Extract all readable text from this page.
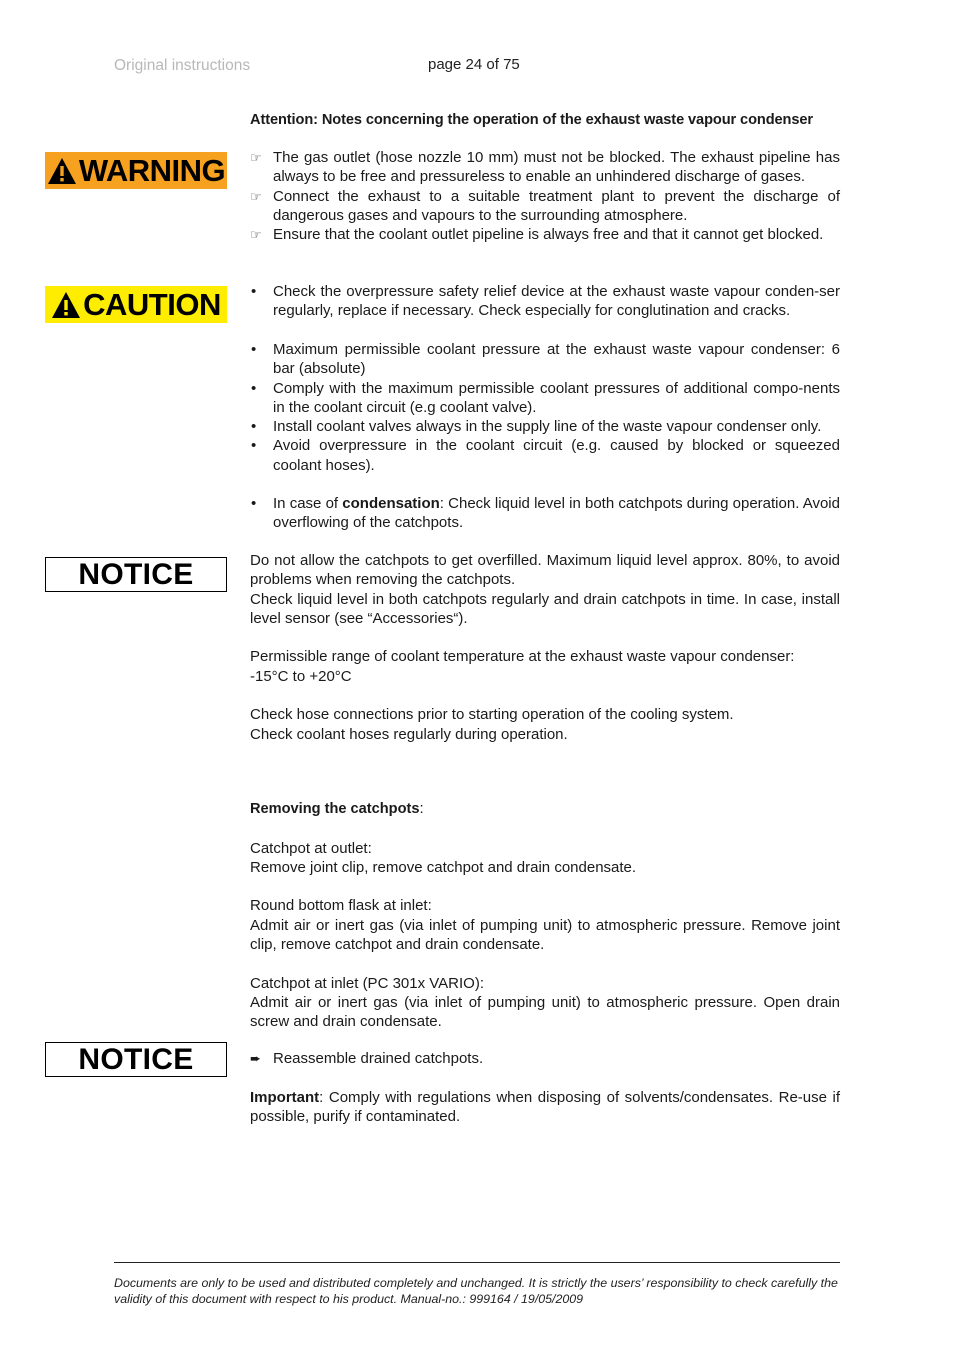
Original instructions	page 24 of 75
Attention: Notes concerning the operation of the exhaust waste vapour condenser
WARNING ☞ The gas outlet (hose nozzle 10 mm) must not be blocked. The exhaust pipeline has always to be free and pressureless to enable an unhindered discharge of gases.
☞ Connect the exhaust to a suitable treatment plant to prevent the discharge of dangerous gases and vapours to the surrounding atmosphere.
☞ Ensure that the coolant outlet pipeline is always free and that it cannot get blocked.
CAUTION • Check the overpressure safety relief device at the exhaust waste vapour conden-ser regularly, replace if necessary. Check especially for conglutination and cracks.
• Maximum permissible coolant pressure at the exhaust waste vapour condenser: 6 bar (absolute)
• Comply with the maximum permissible coolant pressures of additional compo-nents in the coolant circuit (e.g coolant valve).
• Install coolant valves always in the supply line of the waste vapour condenser only.
• Avoid overpressure in the coolant circuit (e.g. caused by blocked or squeezed coolant hoses).
• In case of condensation: Check liquid level in both catchpots during operation. Avoid overflowing of the catchpots.
NOTICE	Do not allow the catchpots to get overfilled. Maximum liquid level approx. 80%, to avoid problems when removing the catchpots.
Check liquid level in both catchpots regularly and drain catchpots in time. In case, install level sensor (see “Accessories“).
Permissible range of coolant temperature at the exhaust waste vapour condenser:
-15°C to +20°C
Check hose connections prior to starting operation of the cooling system.
Check coolant hoses regularly during operation.
Removing the catchpots:
Catchpot at outlet:
Remove joint clip, remove catchpot and drain condensate.
Round bottom flask at inlet:
Admit air or inert gas (via inlet of pumping unit) to atmospheric pressure. Remove joint clip, remove catchpot and drain condensate.
Catchpot at inlet (PC 301x VARIO):
Admit air or inert gas (via inlet of pumping unit) to atmospheric pressure. Open drain screw and drain condensate.
NOTICE	➨ Reassemble drained catchpots.
Important: Comply with regulations when disposing of solvents/condensates. Re-use if possible, purify if contaminated.
Documents are only to be used and distributed completely and unchanged. It is strictly the users’ responsibility to check carefully the validity of this document with respect to his product. Manual-no.: 999164 / 19/05/2009
